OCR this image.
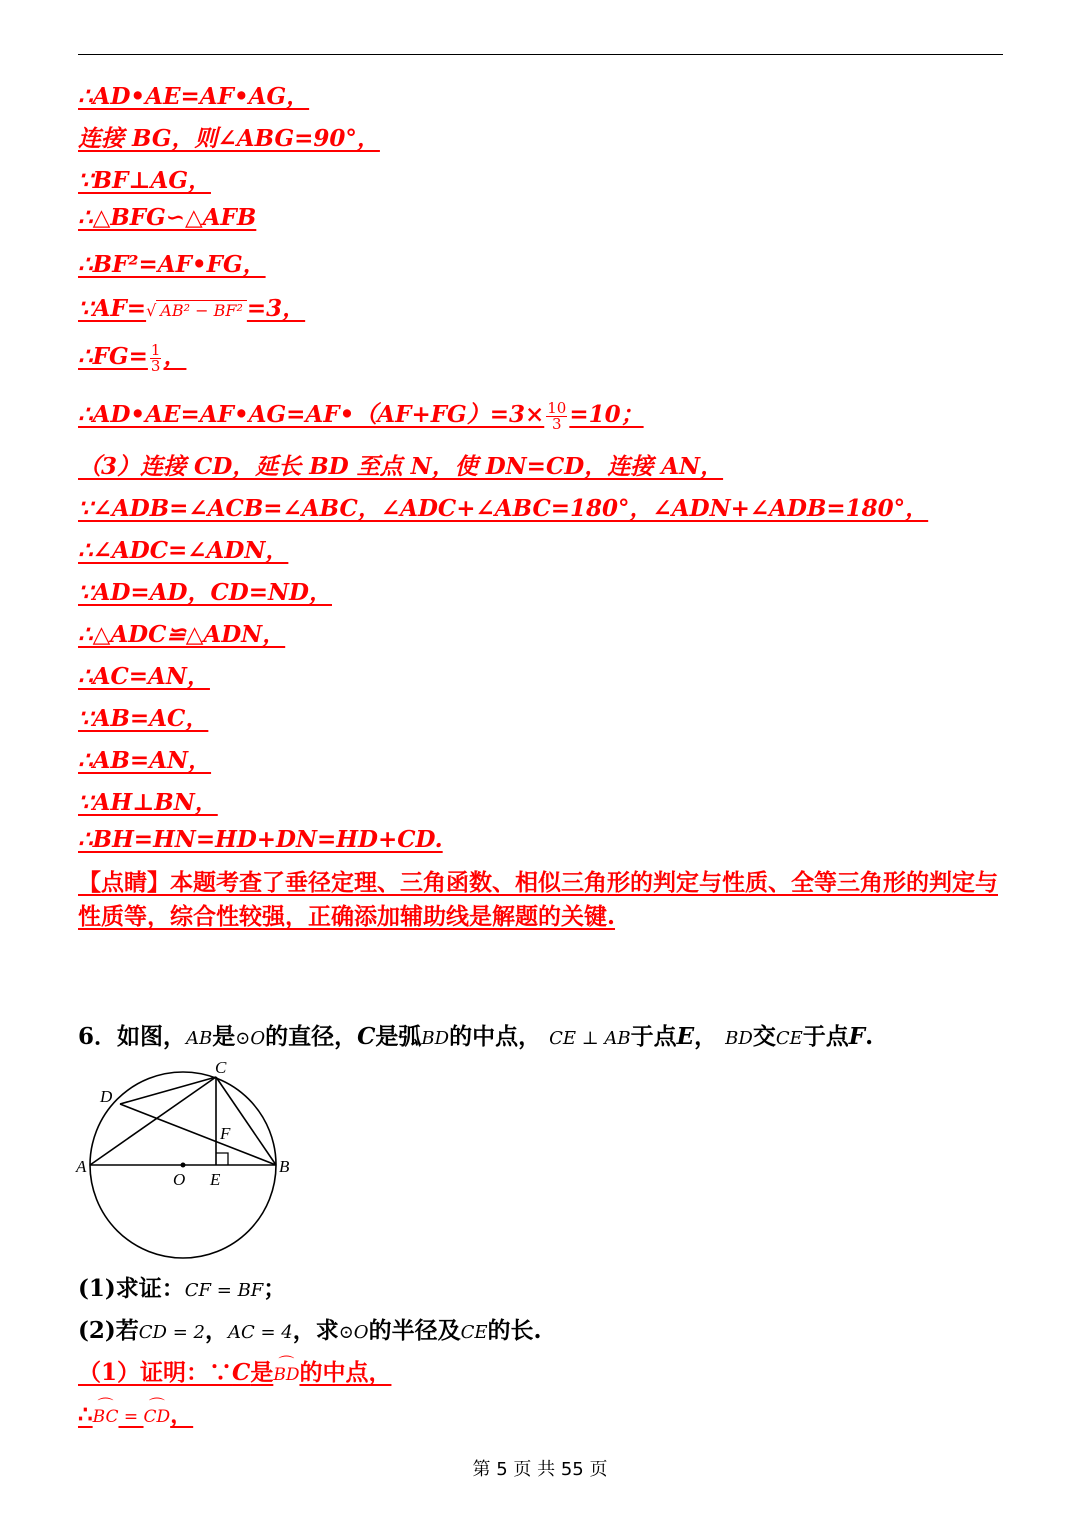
∴AD•AE=AF•AG，
连接 BG，则∠ABG=90°，
∵BF⊥AG，
∴△BFG∽△AFB
∴BF²=AF•FG，
∵AF=√ AB² − BF² =3，
∴FG= $\frac{1}{3}$ ，
∴AD•AE=AF•AG=AF•（AF+FG）=3× $\frac{10}{3} =10$；
（3）连接 CD，延长 BD 至点 N，使 DN=CD，连接 AN，
∵∠ADB=∠ACB=∠ABC，∠ADC+∠ABC=180°，∠ADN+∠ADB=180°，
∴∠ADC=∠ADN，
∵AD=AD，CD=ND，
∴△ADC≌△ADN，
∴AC=AN，
∵AB=AC，
∴AB=AN，
∵AH⊥BN，
∴BH=HN=HD+DN=HD+CD.
【点睛】本题考查了垂径定理、三角函数、相似三角形的判定与性质、全等三角形的判定与性质等，综合性较强，正确添加辅助线是解题的关键.
6．如图，AB是⊙O的直径，C是弧BD的中点， CE ⊥ AB于点E， BD交CE于点F.
A	B
C
D
E
F
O
(1)求证：CF = BF；
(2)若CD = 2，AC = 4，求⊙O的半径及CE的长.
（1）证明：∵C是⌒ BD的中点，
∴⌒ BC = ⌒ CD，
第 5 页 共 55 页
